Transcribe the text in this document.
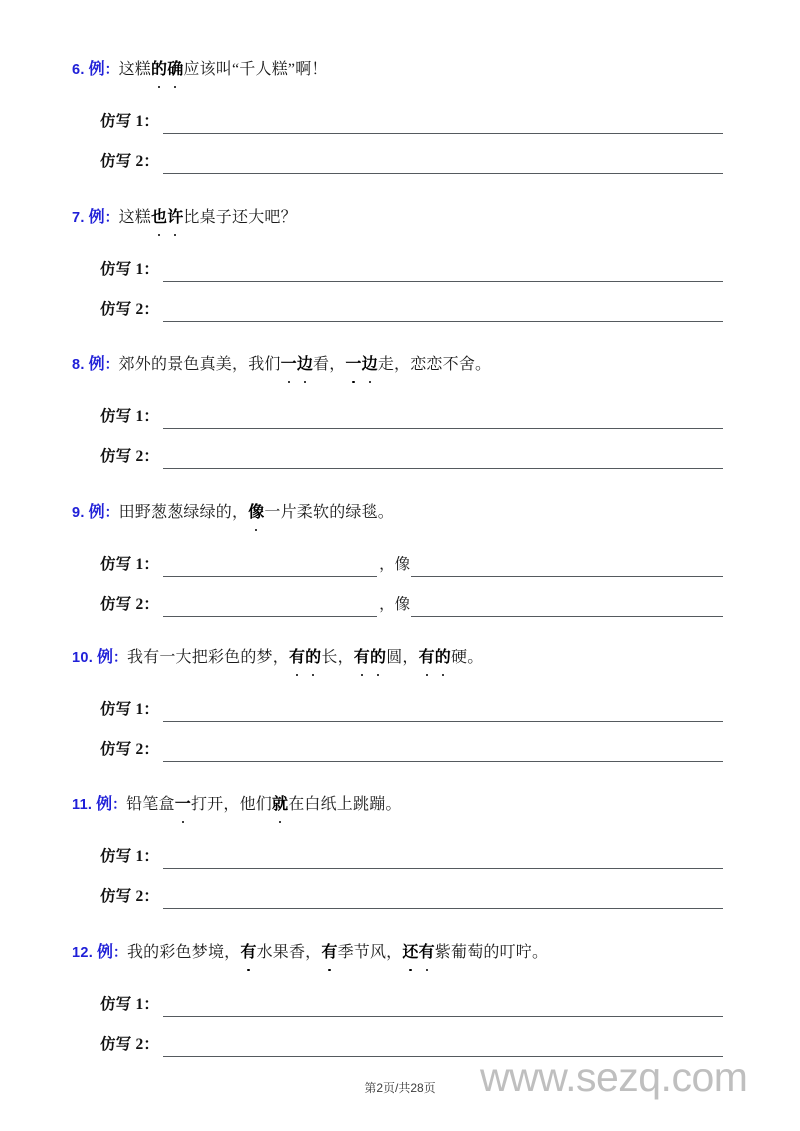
6. 例：这糕的确应该叫“千人糕”啊！
仿写 1：
仿写 2：
7. 例：这糕也许比桌子还大吧？
仿写 1：
仿写 2：
8. 例：郊外的景色真美，我们一边看，一边走，恋恋不舍。
仿写 1：
仿写 2：
9. 例：田野葱葱绿绿的，像一片柔软的绿毯。
仿写 1：	，像
仿写 2：	，像
10. 例：我有一大把彩色的梦，有的长，有的圆，有的硬。
仿写 1：
仿写 2：
11. 例：铅笔盒一打开，他们就在白纸上跳蹦。
仿写 1：
仿写 2：
12. 例：我的彩色梦境，有水果香，有季节风，还有紫葡萄的叮咛。
仿写 1：
仿写 2：
www.sezq.com
第2页/共28页
